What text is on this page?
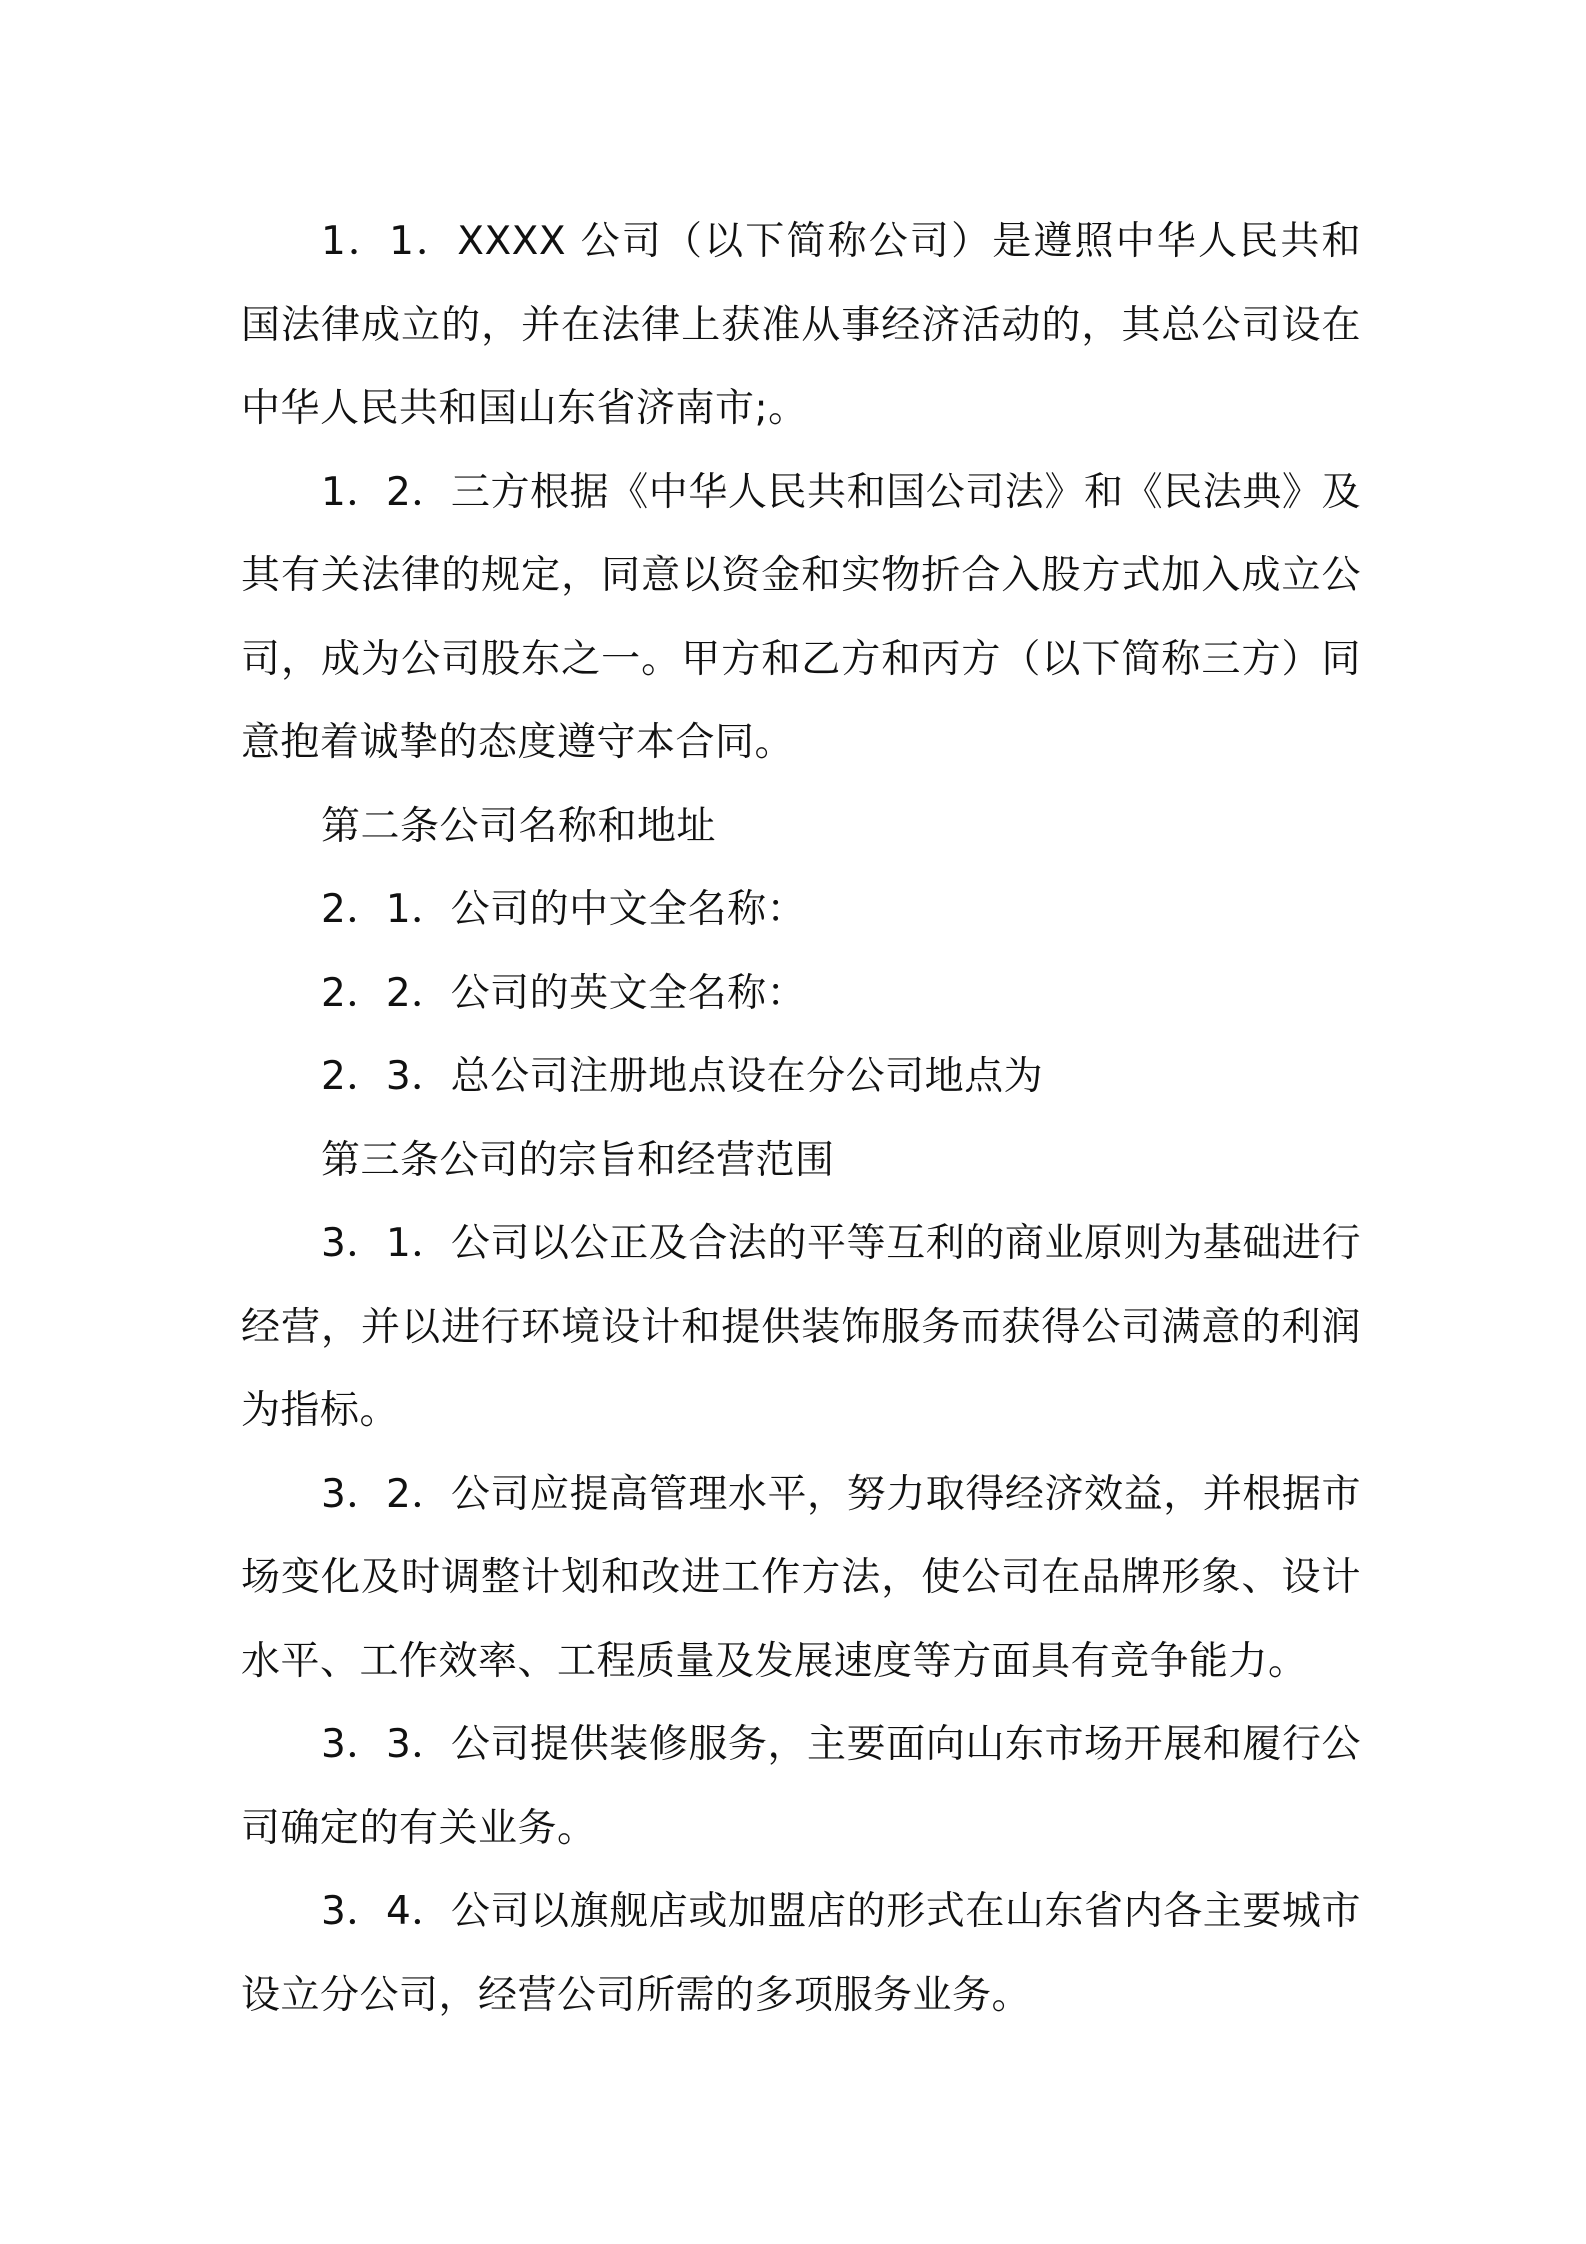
1．1．XXXX 公司（以下简称公司）是遵照中华人民共和国法律成立的，并在法律上获准从事经济活动的，其总公司设在中华人民共和国山东省济南市;。

1．2．三方根据《中华人民共和国公司法》和《民法典》及其有关法律的规定，同意以资金和实物折合入股方式加入成立公司，成为公司股东之一。甲方和乙方和丙方（以下简称三方）同意抱着诚挚的态度遵守本合同。

第二条公司名称和地址

2．1．公司的中文全名称：

2．2．公司的英文全名称：

2．3．总公司注册地点设在分公司地点为

第三条公司的宗旨和经营范围

3．1．公司以公正及合法的平等互利的商业原则为基础进行经营，并以进行环境设计和提供装饰服务而获得公司满意的利润为指标。

3．2．公司应提高管理水平，努力取得经济效益，并根据市场变化及时调整计划和改进工作方法，使公司在品牌形象、设计水平、工作效率、工程质量及发展速度等方面具有竞争能力。

3．3．公司提供装修服务，主要面向山东市场开展和履行公司确定的有关业务。

3．4．公司以旗舰店或加盟店的形式在山东省内各主要城市设立分公司，经营公司所需的多项服务业务。
